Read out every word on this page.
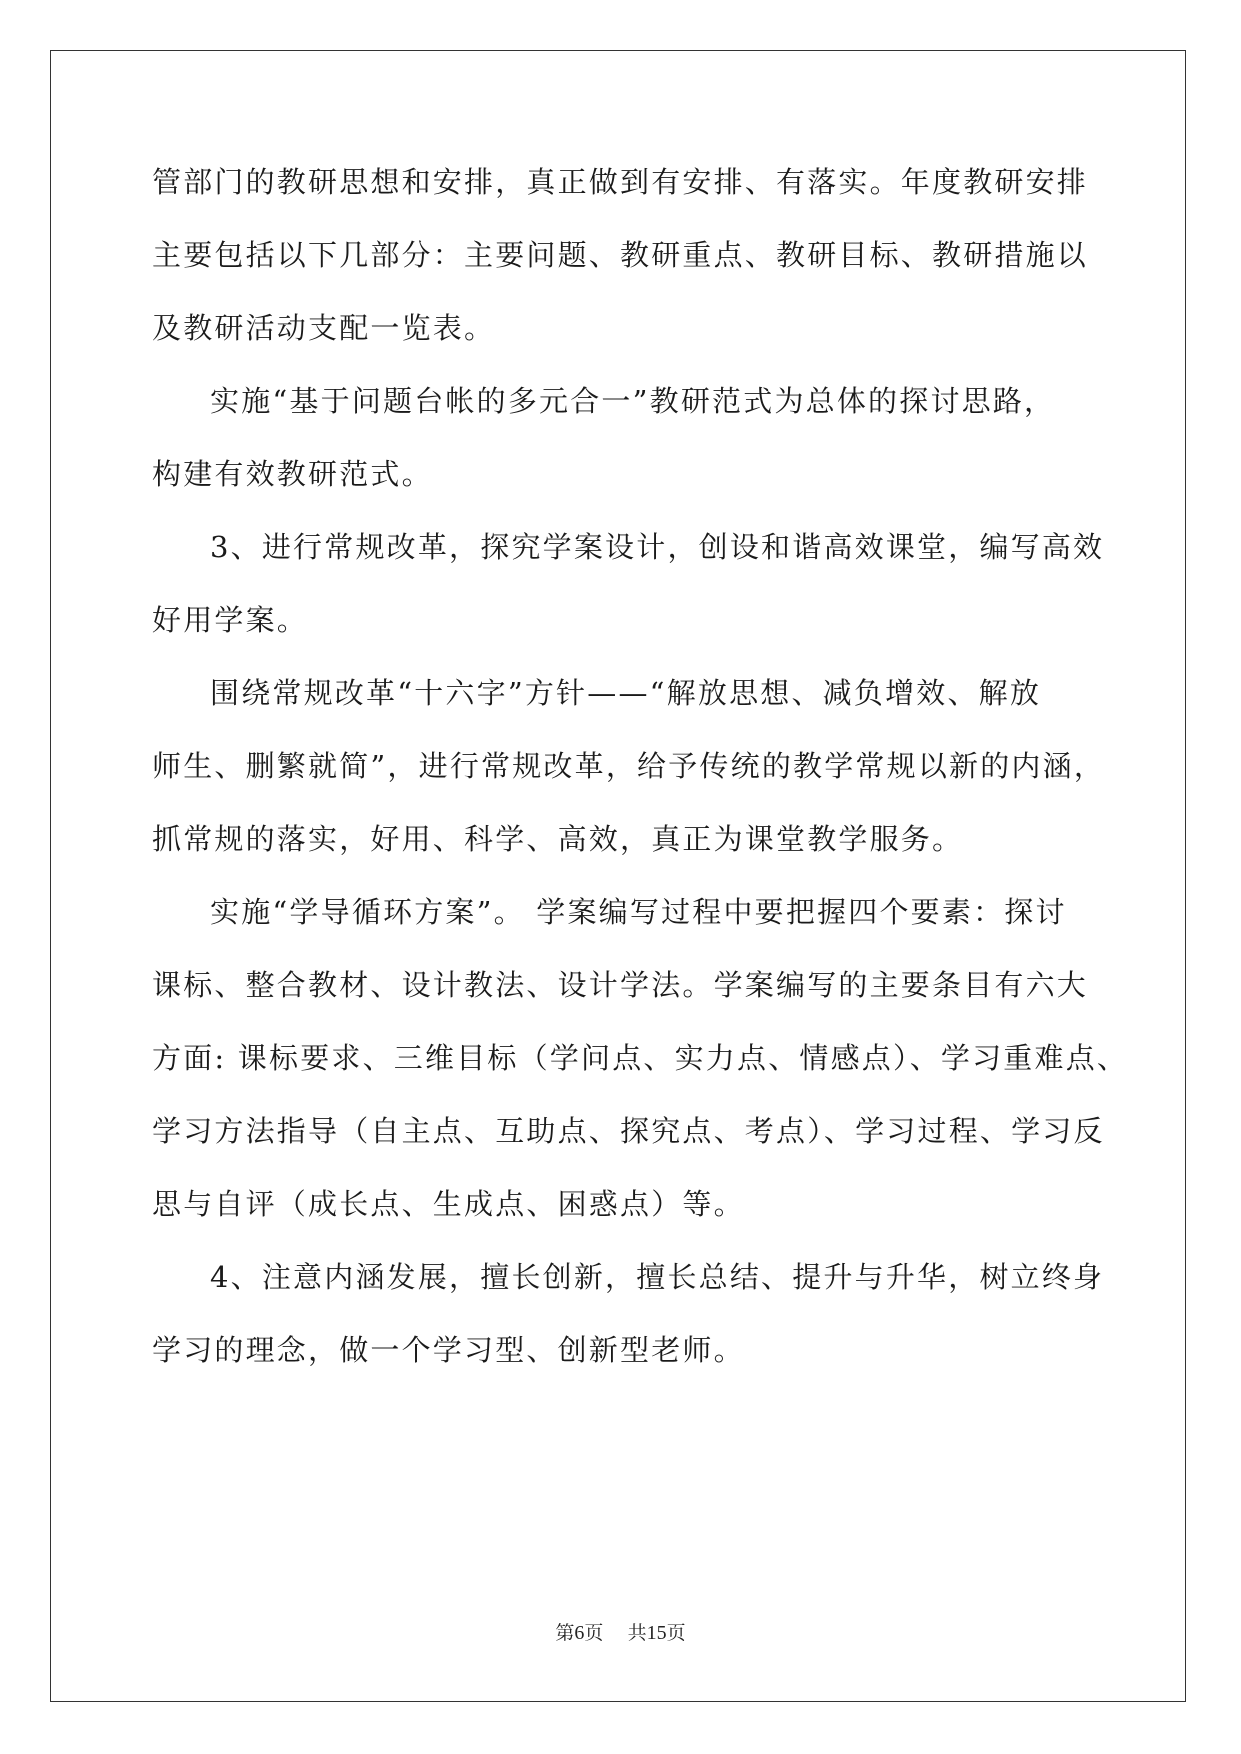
管部门的教研思想和安排，真正做到有安排、有落实。年度教研安排
主要包括以下几部分：主要问题、教研重点、教研目标、教研措施以
及教研活动支配一览表。
实施“基于问题台帐的多元合一”教研范式为总体的探讨思路，
构建有效教研范式。
3、进行常规改革，探究学案设计，创设和谐高效课堂，编写高效
好用学案。
围绕常规改革“十六字”方针——“解放思想、减负增效、解放
师生、删繁就简”，进行常规改革，给予传统的教学常规以新的内涵，
抓常规的落实，好用、科学、高效，真正为课堂教学服务。
实施“学导循环方案”。 学案编写过程中要把握四个要素：探讨
课标、整合教材、设计教法、设计学法。学案编写的主要条目有六大
方面: 课标要求、三维目标（学问点、实力点、情感点）、学习重难点、
学习方法指导（自主点、互助点、探究点、考点）、学习过程、学习反
思与自评（成长点、生成点、困惑点）等。
4、注意内涵发展，擅长创新，擅长总结、提升与升华，树立终身
学习的理念，做一个学习型、创新型老师。
第6页 共15页
